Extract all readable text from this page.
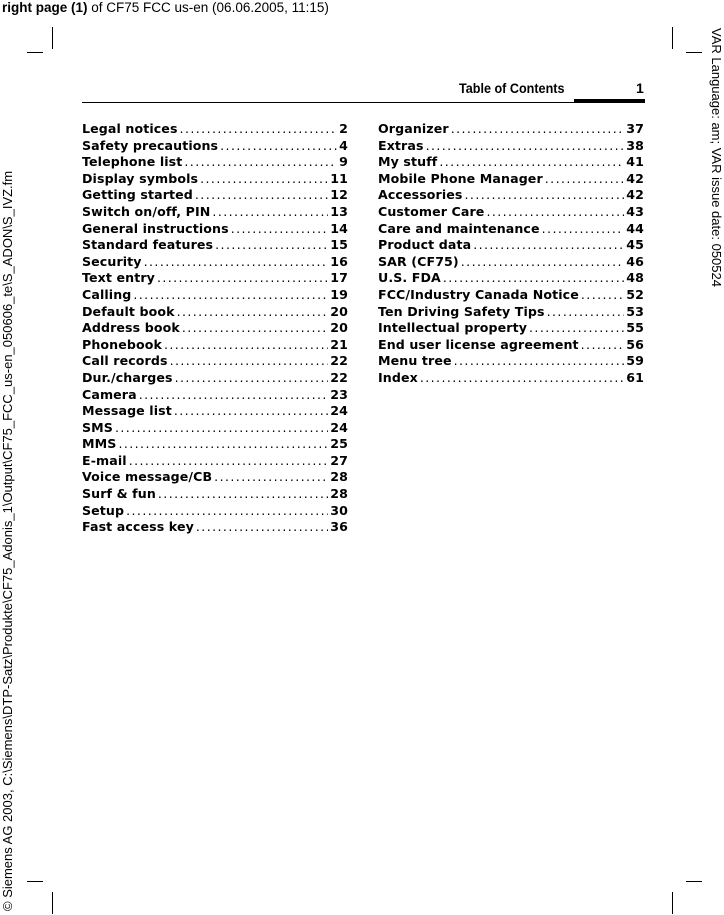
right page (1) of CF75 FCC us-en (06.06.2005, 11:15)
© Siemens AG 2003, C:\Siemens\DTP-Satz\Produkte\CF75_Adonis_1\Output\CF75_FCC_us-en_050606_te\S_ADON\S_IVZ.fm
VAR Language: am; VAR issue date: 050524
Table of Contents	1
Legal notices .....	2
Safety precautions .....	4
Telephone list .....	9
Display symbols .....	11
Getting started .....	12
Switch on/off, PIN .....	13
General instructions .....	14
Standard features .....	15
Security .....	16
Text entry .....	17
Calling .....	19
Default book .....	20
Address book .....	20
Phonebook .....	21
Call records .....	22
Dur./charges .....	22
Camera .....	23
Message list .....	24
SMS .....	24
MMS .....	25
E-mail .....	27
Voice message/CB .....	28
Surf & fun .....	28
Setup .....	30
Fast access key .....	36
Organizer .....	37
Extras .....	38
My stuff .....	41
Mobile Phone Manager .....	42
Accessories .....	42
Customer Care .....	43
Care and maintenance .....	44
Product data .....	45
SAR (CF75) .....	46
U.S. FDA .....	48
FCC/Industry Canada Notice .....	52
Ten Driving Safety Tips .....	53
Intellectual property .....	55
End user license agreement .....	56
Menu tree .....	59
Index .....	61
